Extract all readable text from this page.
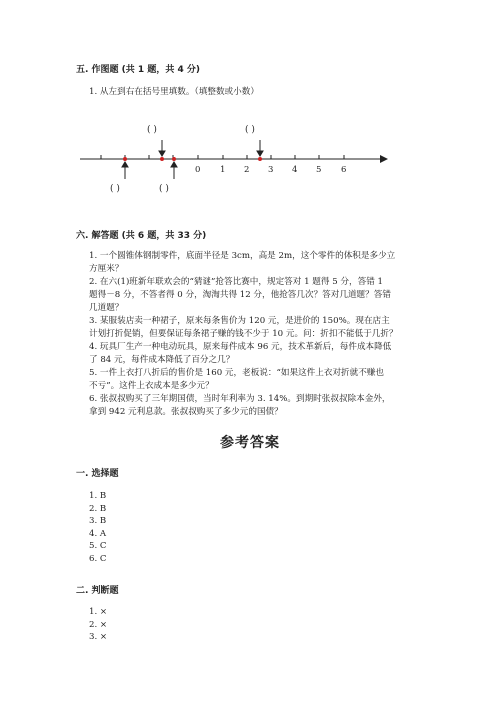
五. 作图题 (共 1 题，共 4 分)
1. 从左到右在括号里填数。（填整数或小数）
( )	( )
0 1 2 3 4 5 6
( )	( )
六. 解答题 (共 6 题，共 33 分)
1. 一个圆锥体钢制零件，底面半径是 3cm，高是 2m，这个零件的体积是多少立
方厘米？
2. 在六(1)班新年联欢会的“猜谜”抢答比赛中，规定答对 1 题得 5 分，答错 1
题得－8 分，不答者得 0 分，淘淘共得 12 分，他抢答几次？答对几道题？答错
几道题？
3. 某服装店卖一种裙子，原来每条售价为 120 元，是进价的 150%。现在店主
计划打折促销，但要保证每条裙子赚的钱不少于 10 元。问：折扣不能低于几折？
4. 玩具厂生产一种电动玩具，原来每件成本 96 元，技术革新后，每件成本降低
了 84 元，每件成本降低了百分之几？
5. 一件上衣打八折后的售价是 160 元，老板说：“如果这件上衣对折就不赚也
不亏”。这件上衣成本是多少元？
6. 张叔叔购买了三年期国债，当时年利率为 3. 14%。到期时张叔叔除本金外，
拿到 942 元利息款。张叔叔购买了多少元的国债？
参考答案
一. 选择题
1. B
2. B
3. B
4. A
5. C
6. C
二. 判断题
1. ×
2. ×
3. ×
